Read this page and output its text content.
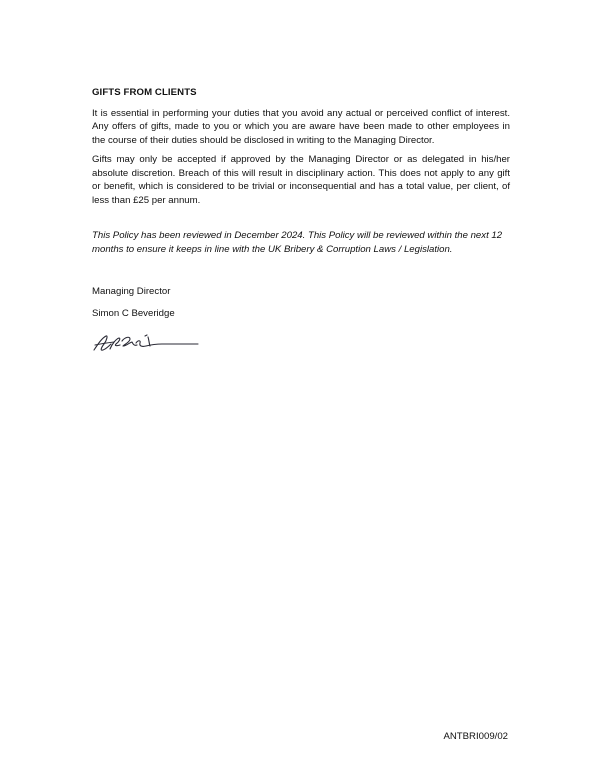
GIFTS FROM CLIENTS

It is essential in performing your duties that you avoid any actual or perceived conflict of interest. Any offers of gifts, made to you or which you are aware have been made to other employees in the course of their duties should be disclosed in writing to the Managing Director.

Gifts may only be accepted if approved by the Managing Director or as delegated in his/her absolute discretion. Breach of this will result in disciplinary action. This does not apply to any gift or benefit, which is considered to be trivial or inconsequential and has a total value, per client, of less than £25 per annum.

This Policy has been reviewed in December 2024. This Policy will be reviewed within the next 12 months to ensure it keeps in line with the UK Bribery & Corruption Laws / Legislation.

Managing Director
Simon C Beveridge
ANTBRI009/02
